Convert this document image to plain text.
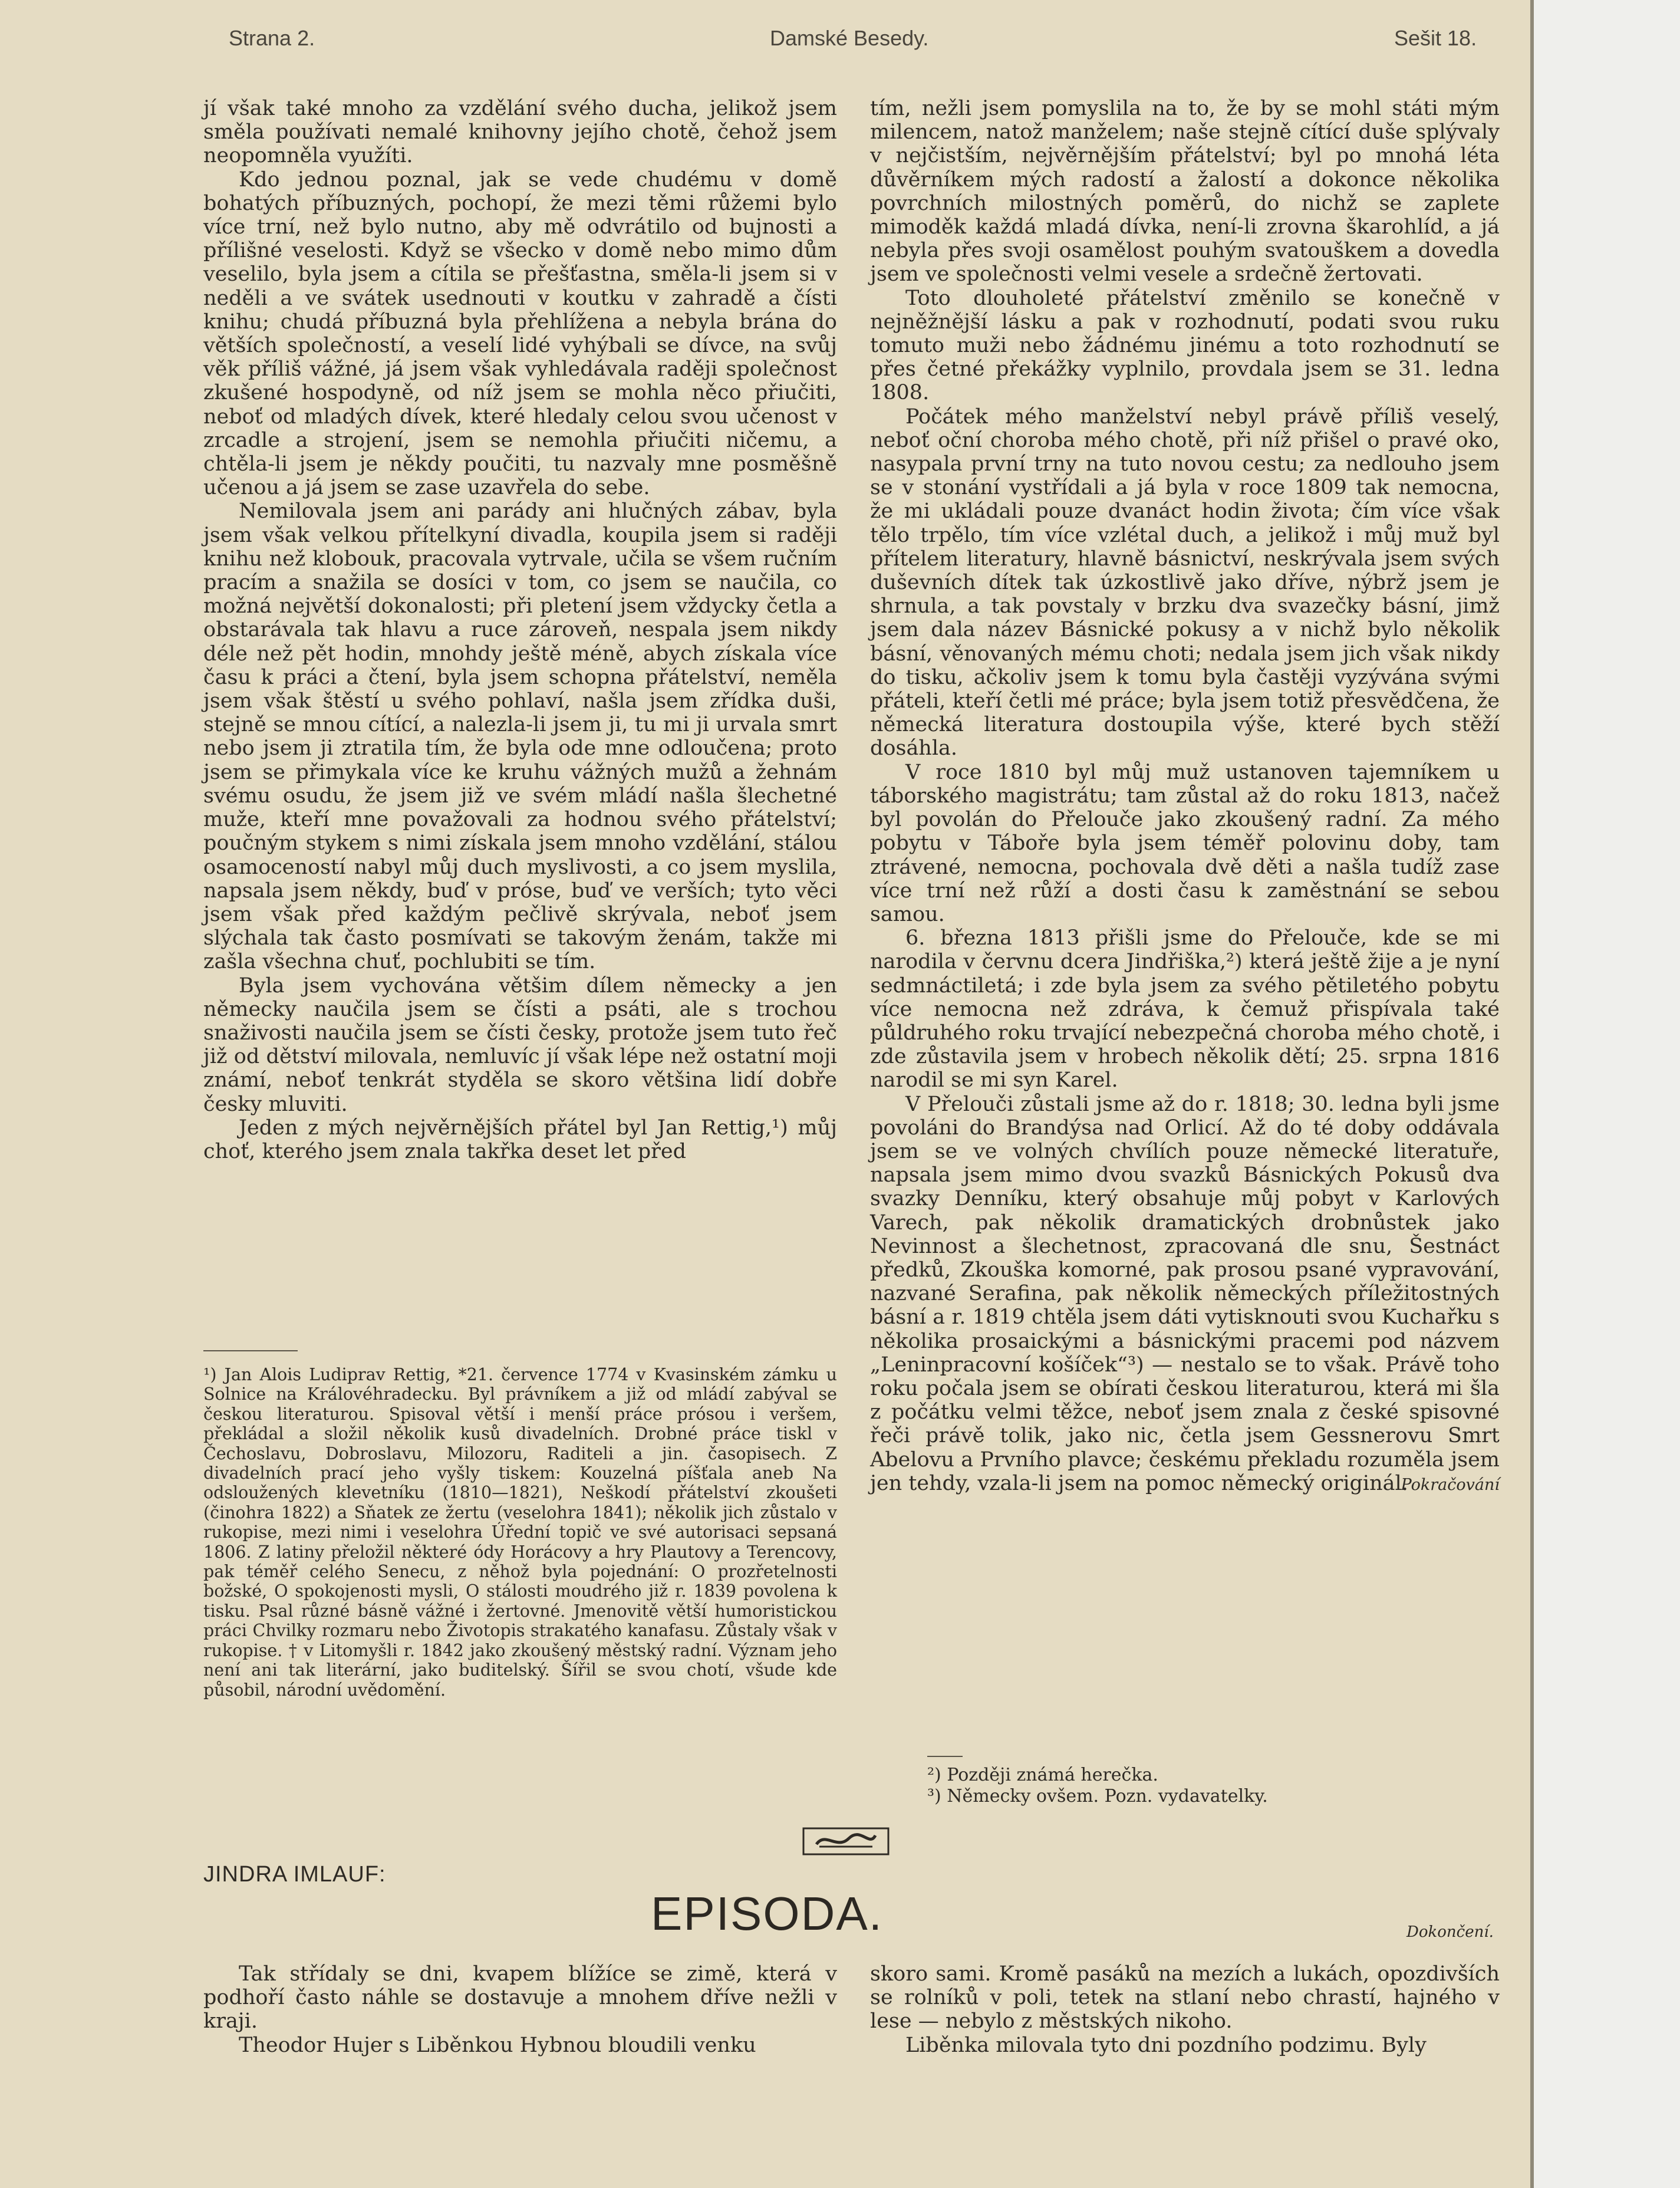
Strana 2.	Damské Besedy.	Sešit 18.

jí však také mnoho za vzdělání svého ducha, jelikož jsem směla používati nemalé knihovny jejího chotě, čehož jsem neopomněla využíti.

Kdo jednou poznal, jak se vede chudému v domě bohatých příbuzných, pochopí, že mezi těmi růžemi bylo více trní, než bylo nutno, aby mě odvrátilo od bujnosti a přílišné veselosti. Když se všecko v domě nebo mimo dům veselilo, byla jsem a cítila se přešťastna, směla-li jsem si v neděli a ve svátek usednouti v koutku v zahradě a čísti knihu; chudá příbuzná byla přehlížena a nebyla brána do větších společností, a veselí lidé vyhýbali se dívce, na svůj věk příliš vážné, já jsem však vyhledávala raději společnost zkušené hospodyně, od níž jsem se mohla něco přiučiti, neboť od mladých dívek, které hledaly celou svou učenost v zrcadle a strojení, jsem se nemohla přiučiti ničemu, a chtěla-li jsem je někdy poučiti, tu nazvaly mne posměšně učenou a já jsem se zase uzavřela do sebe.

Nemilovala jsem ani parády ani hlučných zábav, byla jsem však velkou přítelkyní divadla, koupila jsem si raději knihu než klobouk, pracovala vytrvale, učila se všem ručním pracím a snažila se dosíci v tom, co jsem se naučila, co možná největší dokonalosti; při pletení jsem vždycky četla a obstarávala tak hlavu a ruce zároveň, nespala jsem nikdy déle než pět hodin, mnohdy ještě méně, abych získala více času k práci a čtení, byla jsem schopna přátelství, neměla jsem však štěstí u svého pohlaví, našla jsem zřídka duši, stejně se mnou cítící, a nalezla-li jsem ji, tu mi ji urvala smrt nebo jsem ji ztratila tím, že byla ode mne odloučena; proto jsem se přimykala více ke kruhu vážných mužů a žehnám svému osudu, že jsem již ve svém mládí našla šlechetné muže, kteří mne považovali za hodnou svého přátelství; poučným stykem s nimi získala jsem mnoho vzdělání, stálou osamoceností nabyl můj duch myslivosti, a co jsem myslila, napsala jsem někdy, buď v próse, buď ve verších; tyto věci jsem však před každým pečlivě skrývala, neboť jsem slýchala tak často posmívati se takovým ženám, takže mi zašla všechna chuť, pochlubiti se tím.

Byla jsem vychována většim dílem německy a jen německy naučila jsem se čísti a psáti, ale s trochou snaživosti naučila jsem se čísti česky, protože jsem tuto řeč již od dětství milovala, nemluvíc jí však lépe než ostatní moji známí, neboť tenkrát styděla se skoro většina lidí dobře česky mluviti.

Jeden z mých nejvěrnějších přátel byl Jan Rettig,¹) můj choť, kterého jsem znala takřka deset let před

¹) Jan Alois Ludiprav Rettig, *21. července 1774 v Kvasinském zámku u Solnice na Královéhradecku. Byl právníkem a již od mládí zabýval se českou literaturou. Spisoval větší i menší práce prósou i veršem, překládal a složil několik kusů divadelních. Drobné práce tiskl v Čechoslavu, Dobroslavu, Milozoru, Raditeli a jin. časopisech. Z divadelních prací jeho vyšly tiskem: Kouzelná píšťala aneb Na odsloužených klevetníku (1810—1821), Neškodí přátelství zkoušeti (činohra 1822) a Sňatek ze žertu (veselohra 1841); několik jich zůstalo v rukopise, mezi nimi i veselohra Úřední topič ve své autorisaci sepsaná 1806. Z latiny přeložil některé ódy Horácovy a hry Plautovy a Terencovy, pak téměř celého Senecu, z něhož byla pojednání: O prozřetelnosti božské, O spokojenosti mysli, O stálosti moudrého již r. 1839 povolena k tisku. Psal různé básně vážné i žertovné. Jmenovitě větší humoristickou práci Chvilky rozmaru nebo Životopis strakatého kanafasu. Zůstaly však v rukopise. † v Litomyšli r. 1842 jako zkoušený městský radní. Význam jeho není ani tak literární, jako buditelský. Šířil se svou chotí, všude kde působil, národní uvědomění.

tím, nežli jsem pomyslila na to, že by se mohl státi mým milencem, natož manželem; naše stejně cítící duše splývaly v nejčistším, nejvěrnějším přátelství; byl po mnohá léta důvěrníkem mých radostí a žalostí a dokonce několika povrchních milostných poměrů, do nichž se zaplete mimoděk každá mladá dívka, není-li zrovna škarohlíd, a já nebyla přes svoji osamělost pouhým svatouškem a dovedla jsem ve společnosti velmi vesele a srdečně žertovati.

Toto dlouholeté přátelství změnilo se konečně v nejněžnější lásku a pak v rozhodnutí, podati svou ruku tomuto muži nebo žádnému jinému a toto rozhodnutí se přes četné překážky vyplnilo, provdala jsem se 31. ledna 1808.

Počátek mého manželství nebyl právě příliš veselý, neboť oční choroba mého chotě, při níž přišel o pravé oko, nasypala první trny na tuto novou cestu; za nedlouho jsem se v stonání vystřídali a já byla v roce 1809 tak nemocna, že mi ukládali pouze dvanáct hodin života; čím více však tělo trpělo, tím více vzlétal duch, a jelikož i můj muž byl přítelem literatury, hlavně básnictví, neskrývala jsem svých duševních dítek tak úzkostlivě jako dříve, nýbrž jsem je shrnula, a tak povstaly v brzku dva svazečky básní, jimž jsem dala název Básnické pokusy a v nichž bylo několik básní, věnovaných mému choti; nedala jsem jich však nikdy do tisku, ačkoliv jsem k tomu byla častěji vyzývána svými přáteli, kteří četli mé práce; byla jsem totiž přesvědčena, že německá literatura dostoupila výše, které bych stěží dosáhla.

V roce 1810 byl můj muž ustanoven tajemníkem u táborského magistrátu; tam zůstal až do roku 1813, načež byl povolán do Přelouče jako zkoušený radní. Za mého pobytu v Táboře byla jsem téměř polovinu doby, tam ztrávené, nemocna, pochovala dvě děti a našla tudíž zase více trní než růží a dosti času k zaměstnání se sebou samou.

6. března 1813 přišli jsme do Přelouče, kde se mi narodila v červnu dcera Jindřiška,²) která ještě žije a je nyní sedmnáctiletá; i zde byla jsem za svého pětiletého pobytu více nemocna než zdráva, k čemuž přispívala také půldruhého roku trvající nebezpečná choroba mého chotě, i zde zůstavila jsem v hrobech několik dětí; 25. srpna 1816 narodil se mi syn Karel.

V Přelouči zůstali jsme až do r. 1818; 30. ledna byli jsme povoláni do Brandýsa nad Orlicí. Až do té doby oddávala jsem se ve volných chvílích pouze německé literatuře, napsala jsem mimo dvou svazků Básnických Pokusů dva svazky Denníku, který obsahuje můj pobyt v Karlových Varech, pak několik dramatických drobnůstek jako Nevinnost a šlechetnost, zpracovaná dle snu, Šestnáct předků, Zkouška komorné, pak prosou psané vypravování, nazvané Serafina, pak několik německých příležitostných básní a r. 1819 chtěla jsem dáti vytisknouti svou Kuchařku s několika prosaickými a básnickými pracemi pod názvem „Leninpracovní košíček“³) — nestalo se to však. Právě toho roku počala jsem se obírati českou literaturou, která mi šla z počátku velmi těžce, neboť jsem znala z české spisovné řeči právě tolik, jako nic, četla jsem Gessnerovu Smrt Abelovu a Prvního plavce; českému překladu rozuměla jsem jen tehdy, vzala-li jsem na pomoc německý originál.

Pokračování

²) Později známá herečka.

³) Německy ovšem. Pozn. vydavatelky.

JINDRA IMLAUF:
EPISODA.	Dokončení.

Tak střídaly se dni, kvapem blížíce se zimě, která v podhoří často náhle se dostavuje a mnohem dříve nežli v kraji.

Theodor Hujer s Liběnkou Hybnou bloudili venku

skoro sami. Kromě pasáků na mezích a lukách, opozdivších se rolníků v poli, tetek na stlaní nebo chrastí, hajného v lese — nebylo z městských nikoho.

Liběnka milovala tyto dni pozdního podzimu. Byly
